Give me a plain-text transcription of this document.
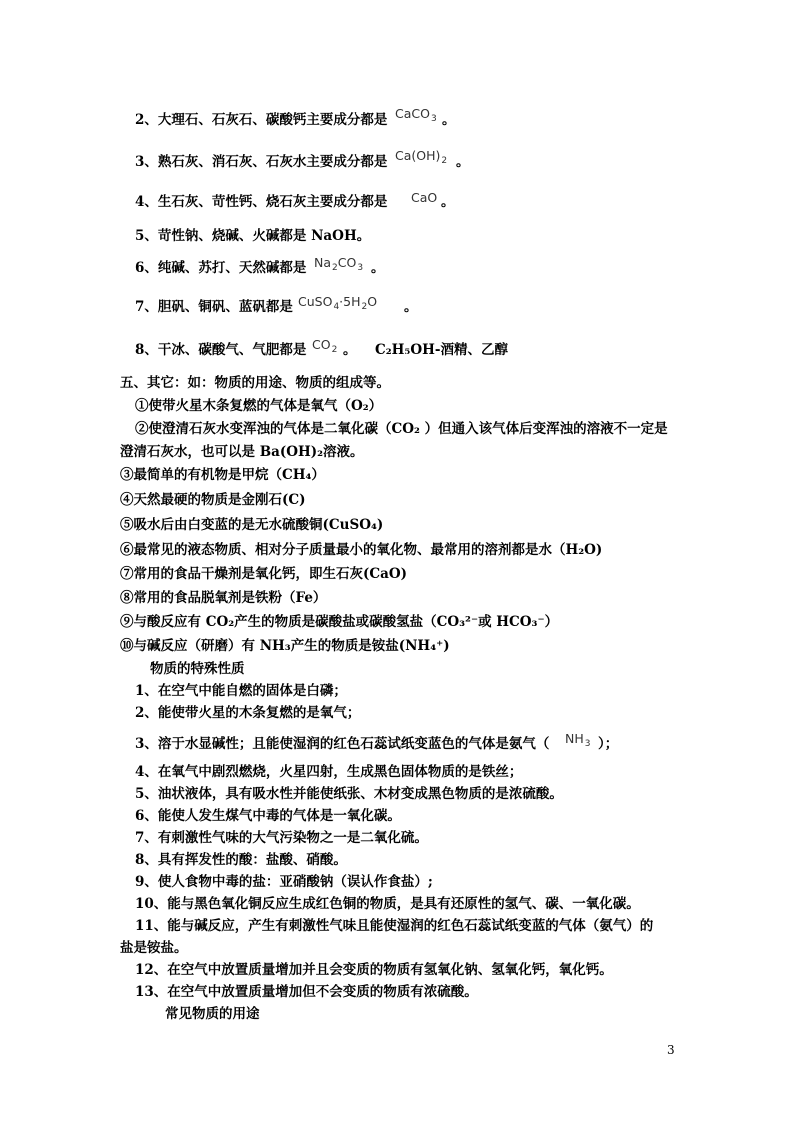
2、大理石、石灰石、碳酸钙主要成分都是 CaCO$_3$ 。
3、熟石灰、消石灰、石灰水主要成分都是 $Ca(OH)_2$ 。
4、生石灰、苛性钙、烧石灰主要成分都是 CaO 。
5、苛性钠、烧碱、火碱都是 NaOH。
6、纯碱、苏打、天然碱都是 $Na_2CO_3$ 。
7、胆矾、铜矾、蓝矾都是 $CuSO_4\cdot 5H_2O$ 。
8、干冰、碳酸气、气肥都是 $CO_2$ 。 C₂H₅OH-酒精、乙醇
五、其它：如：物质的用途、物质的组成等。
①使带火星木条复燃的气体是氧气（O₂）
②使澄清石灰水变浑浊的气体是二氧化碳（CO₂ ）但通入该气体后变浑浊的溶液不一定是
澄清石灰水，也可以是 Ba(OH)₂溶液。
③最简单的有机物是甲烷（CH₄）
④天然最硬的物质是金刚石(C)
⑤吸水后由白变蓝的是无水硫酸铜(CuSO₄)
⑥最常见的液态物质、相对分子质量最小的氧化物、最常用的溶剂都是水（H₂O)
⑦常用的食品干燥剂是氧化钙，即生石灰(CaO)
⑧常用的食品脱氧剂是铁粉（Fe）
⑨与酸反应有 CO₂产生的物质是碳酸盐或碳酸氢盐（CO₃²⁻或 HCO₃⁻）
⑩与碱反应（研磨）有 NH₃产生的物质是铵盐(NH₄⁺)
物质的特殊性质
1、在空气中能自燃的固体是白磷；
2、能使带火星的木条复燃的是氧气；
3、溶于水显碱性；且能使湿润的红色石蕊试纸变蓝色的气体是氨气（ $NH_3$ ）；
4、在氧气中剧烈燃烧，火星四射，生成黑色固体物质的是铁丝；
5、油状液体，具有吸水性并能使纸张、木材变成黑色物质的是浓硫酸。
6、能使人发生煤气中毒的气体是一氧化碳。
7、有刺激性气味的大气污染物之一是二氧化硫。
8、具有挥发性的酸：盐酸、硝酸。
9、使人食物中毒的盐：亚硝酸钠（误认作食盐）;
10、能与黑色氧化铜反应生成红色铜的物质，是具有还原性的氢气、碳、一氧化碳。
11、能与碱反应，产生有刺激性气味且能使湿润的红色石蕊试纸变蓝的气体（氨气）的
盐是铵盐。
12、在空气中放置质量增加并且会变质的物质有氢氧化钠、氢氧化钙，氧化钙。
13、在空气中放置质量增加但不会变质的物质有浓硫酸。
常见物质的用途
3
